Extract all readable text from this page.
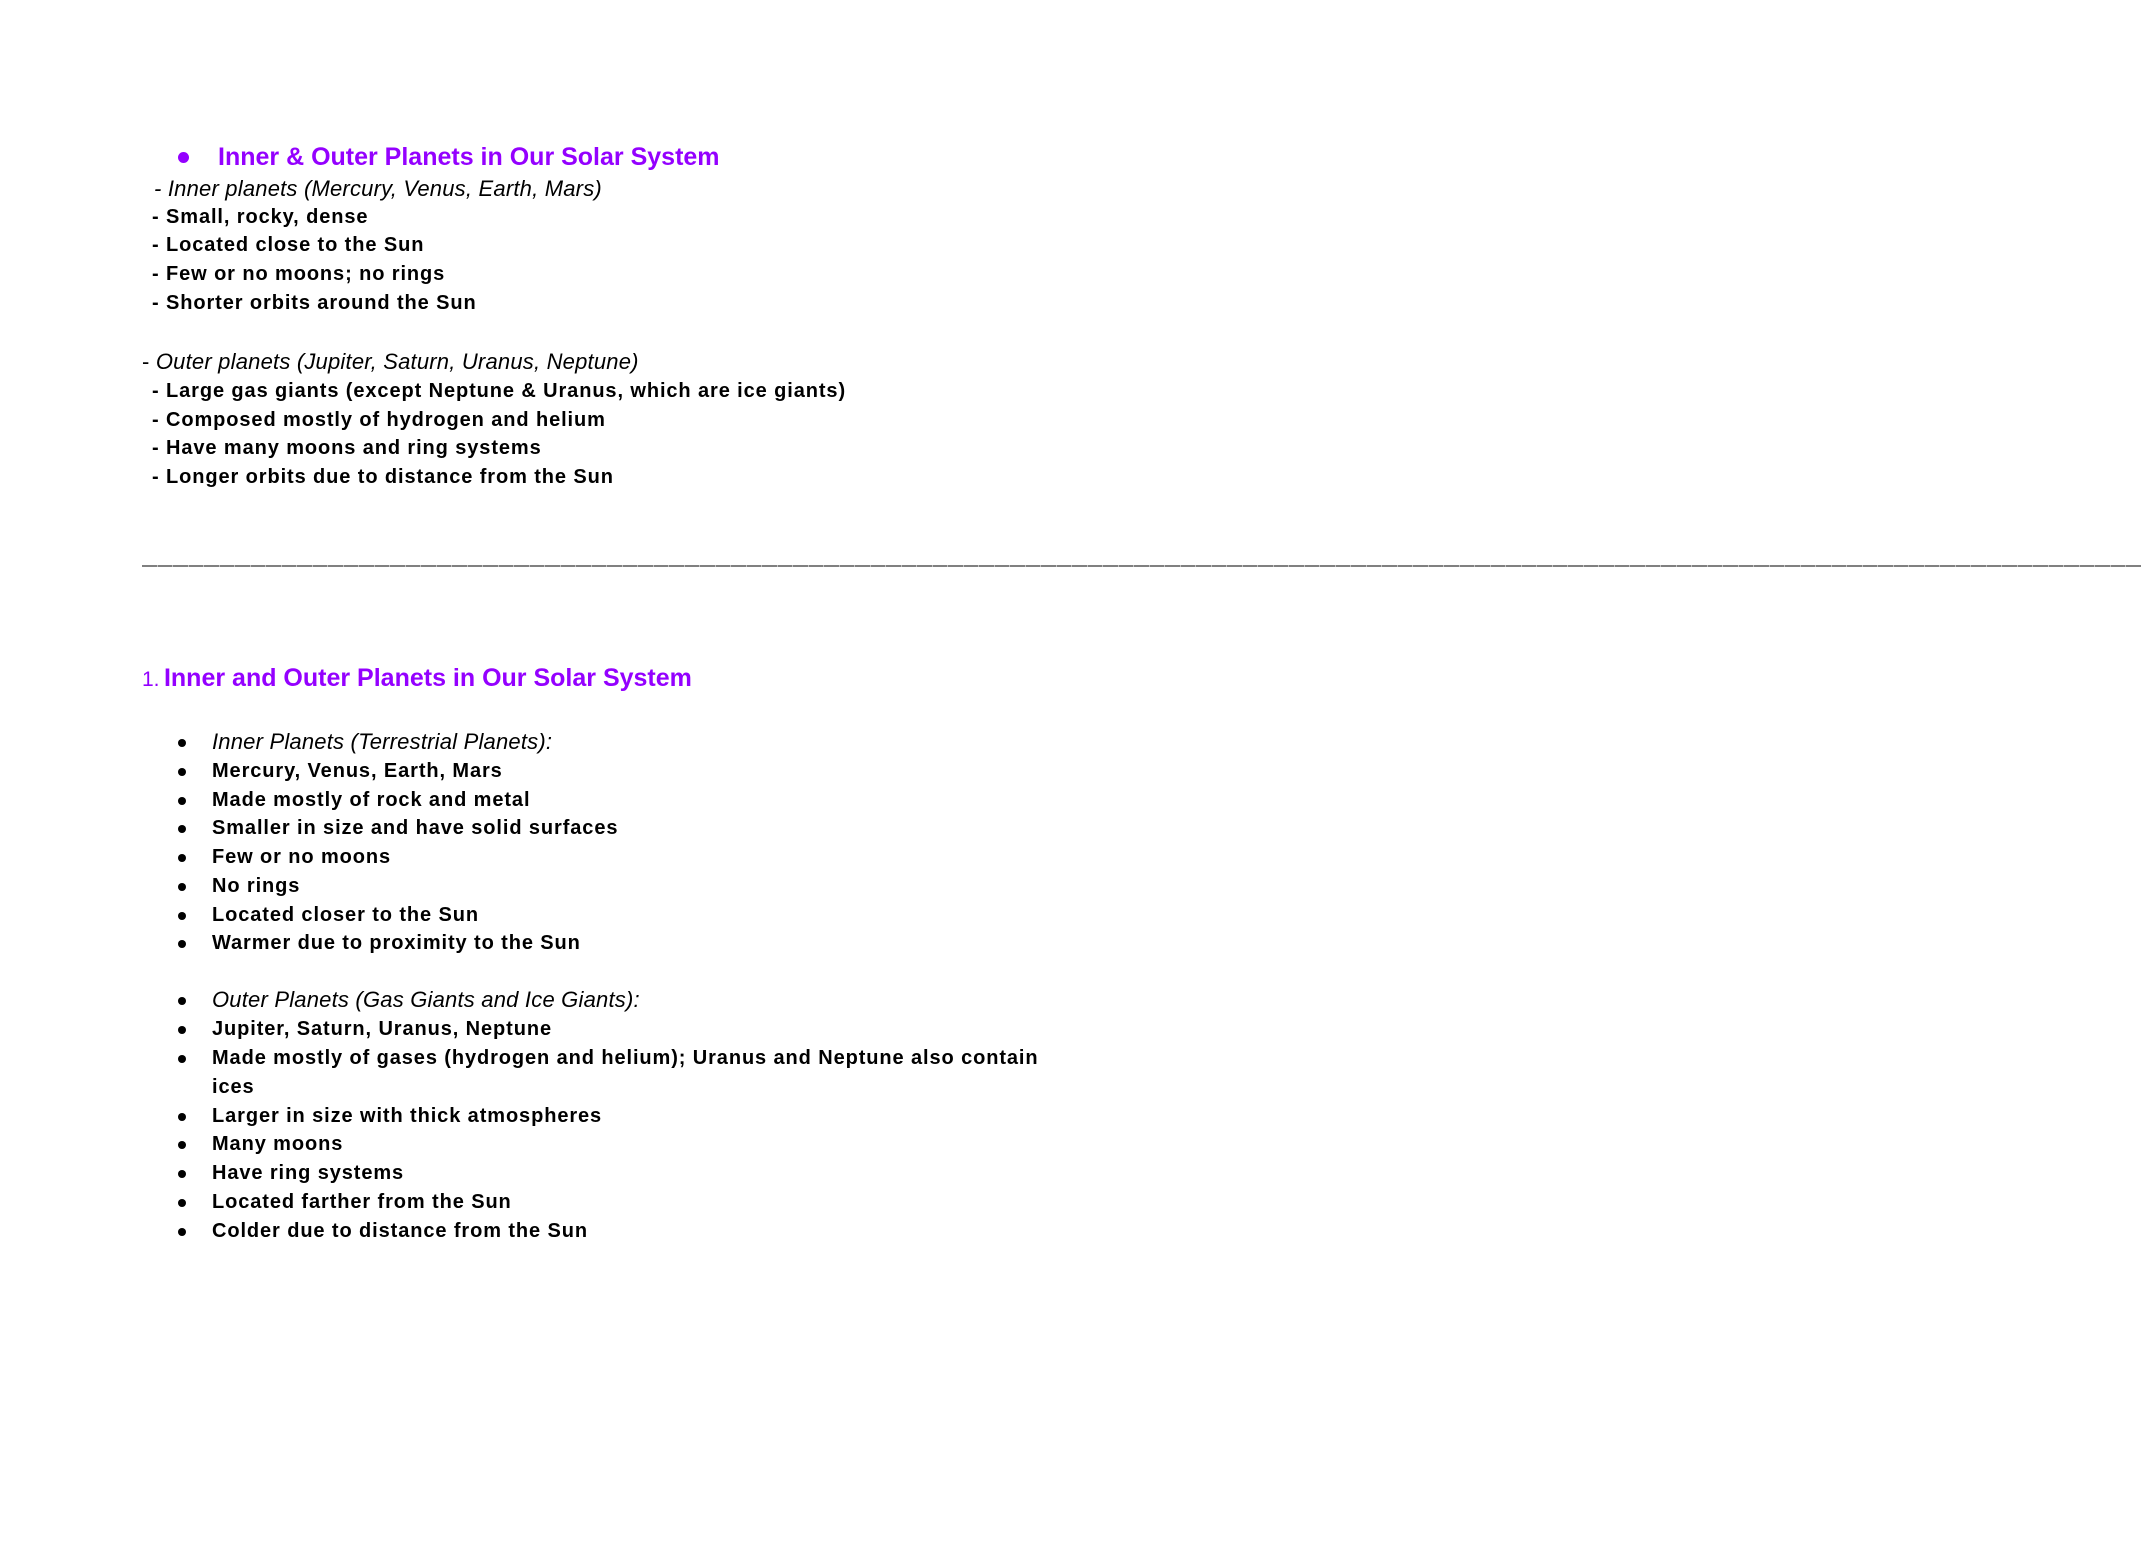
Inner & Outer Planets in Our Solar System
- Inner planets (Mercury, Venus, Earth, Mars)
- Small, rocky, dense
- Located close to the Sun
- Few or no moons; no rings
- Shorter orbits around the Sun
- Outer planets (Jupiter, Saturn, Uranus, Neptune)
- Large gas giants (except Neptune & Uranus, which are ice giants)
- Composed mostly of hydrogen and helium
- Have many moons and ring systems
- Longer orbits due to distance from the Sun
—————————————————————————————————————————————————————————————————————————————————————————————————————————————————————————————————
1. Inner and Outer Planets in Our Solar System
Inner Planets (Terrestrial Planets):
Mercury, Venus, Earth, Mars
Made mostly of rock and metal
Smaller in size and have solid surfaces
Few or no moons
No rings
Located closer to the Sun
Warmer due to proximity to the Sun
Outer Planets (Gas Giants and Ice Giants):
Jupiter, Saturn, Uranus, Neptune
Made mostly of gases (hydrogen and helium); Uranus and Neptune also contain ices
Larger in size with thick atmospheres
Many moons
Have ring systems
Located farther from the Sun
Colder due to distance from the Sun
